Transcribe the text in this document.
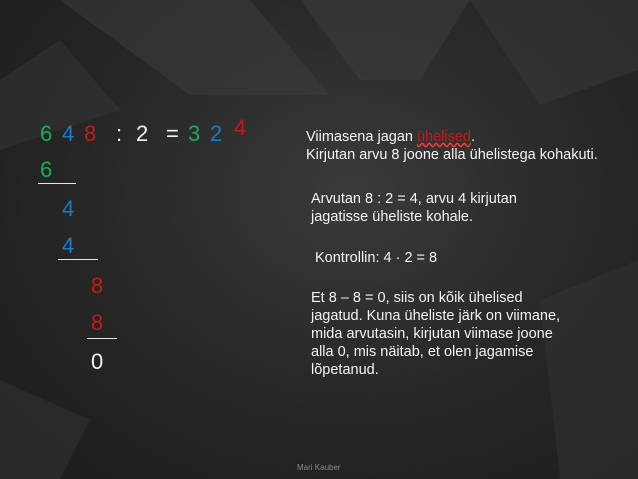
6 4 8 : 2 = 3 2 4
6
4
4
8
8
0
Viimasena jagan ühelised.
Kirjutan arvu 8 joone alla ühelistega kohakuti.
Arvutan 8 : 2 = 4, arvu 4 kirjutan jagatisse üheliste kohale.
Kontrollin: 4 · 2 = 8
Et 8 – 8 = 0, siis on kõik ühelised jagatud. Kuna üheliste järk on viimane, mida arvutasin, kirjutan viimase joone alla 0, mis näitab, et olen jagamise lõpetanud.
Mari Kauber
